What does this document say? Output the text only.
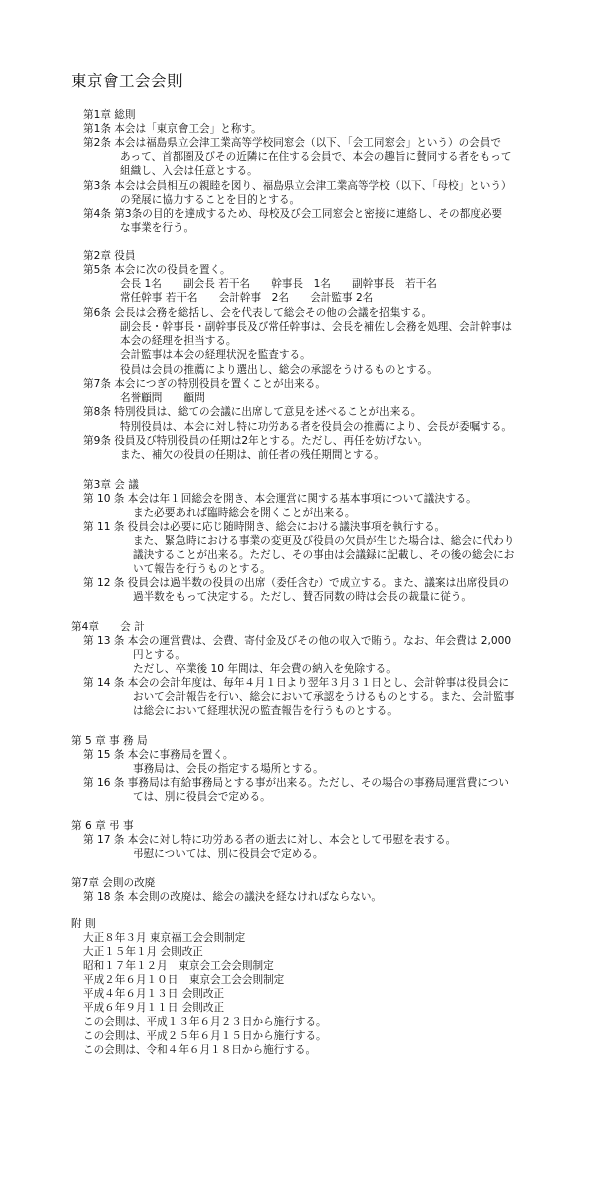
東京會工会会則
第1章 総則
第1条 本会は「東京會工会」と称す。
第2条 本会は福島県立会津工業高等学校同窓会（以下、「会工同窓会」という）の会員で
あって、首都圏及びその近隣に在住する会員で、本会の趣旨に賛同する者をもって
組織し、入会は任意とする。
第3条 本会は会員相互の親睦を図り、福島県立会津工業高等学校（以下、「母校」という）
の発展に協力することを目的とする。
第4条 第3条の目的を達成するため、母校及び会工同窓会と密接に連絡し、その都度必要
な事業を行う。
第2章 役員
第5条 本会に次の役員を置く。
会長 1名　　副会長 若干名　　幹事長　1名　　副幹事長　若干名
常任幹事 若干名　　会計幹事　2名　　会計監事 2名
第6条 会長は会務を総括し、会を代表して総会その他の会議を招集する。
副会長・幹事長・副幹事長及び常任幹事は、会長を補佐し会務を処理、会計幹事は
本会の経理を担当する。
会計監事は本会の経理状況を監査する。
役員は会員の推薦により選出し、総会の承認をうけるものとする。
第7条 本会につぎの特別役員を置くことが出来る。
名誉顧問　　顧問
第8条 特別役員は、総ての会議に出席して意見を述べることが出来る。
特別役員は、本会に対し特に功労ある者を役員会の推薦により、会長が委嘱する。
第9条 役員及び特別役員の任期は2年とする。ただし、再任を妨げない。
また、補欠の役員の任期は、前任者の残任期間とする。
第3章 会 議
第 10 条 本会は年１回総会を開き、本会運営に関する基本事項について議決する。
また必要あれば臨時総会を開くことが出来る。
第 11 条 役員会は必要に応じ随時開き、総会における議決事項を執行する。
また、緊急時における事業の変更及び役員の欠員が生じた場合は、総会に代わり
議決することが出来る。ただし、その事由は会議録に記載し、その後の総会にお
いて報告を行うものとする。
第 12 条 役員会は過半数の役員の出席（委任含む）で成立する。また、議案は出席役員の
過半数をもって決定する。ただし、賛否同数の時は会長の裁量に従う。
第4章　　会 計
第 13 条 本会の運営費は、会費、寄付金及びその他の収入で賄う。なお、年会費は 2,000
円とする。
ただし、卒業後 10 年間は、年会費の納入を免除する。
第 14 条 本会の会計年度は、毎年４月１日より翌年３月３１日とし、会計幹事は役員会に
おいて会計報告を行い、総会において承認をうけるものとする。また、会計監事
は総会において経理状況の監査報告を行うものとする。
第 5 章 事 務 局
第 15 条 本会に事務局を置く。
事務局は、会長の指定する場所とする。
第 16 条 事務局は有給事務局とする事が出来る。ただし、その場合の事務局運営費につい
ては、別に役員会で定める。
第 6 章 弔 事
第 17 条 本会に対し特に功労ある者の逝去に対し、本会として弔慰を表する。
弔慰については、別に役員会で定める。
第7章 会則の改廃
第 18 条 本会則の改廃は、総会の議決を経なければならない。
附 則
大正８年３月 東京福工会会則制定
大正１５年１月 会則改正
昭和１７年１２月　東京会工会会則制定
平成２年６月１０日　東京会工会会則制定
平成４年６月１３日 会則改正
平成６年９月１１日 会則改正
この会則は、平成１３年６月２３日から施行する。
この会則は、平成２５年６月１５日から施行する。
この会則は、令和４年６月１８日から施行する。
